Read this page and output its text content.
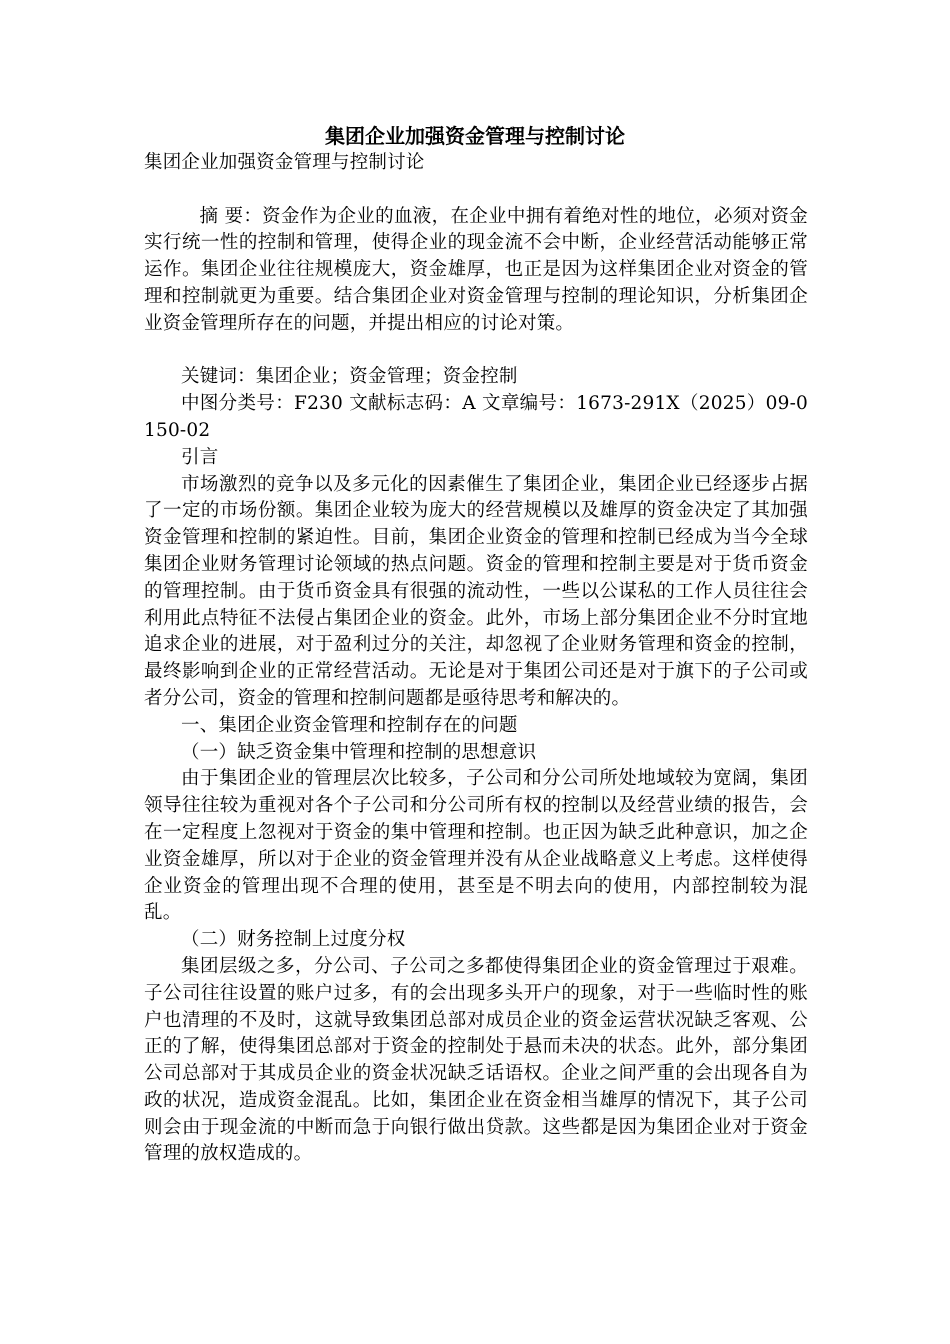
集团企业加强资金管理与控制讨论

集团企业加强资金管理与控制讨论

摘 要：资金作为企业的血液，在企业中拥有着绝对性的地位，必须对资金实行统一性的控制和管理，使得企业的现金流不会中断，企业经营活动能够正常运作。集团企业往往规模庞大，资金雄厚，也正是因为这样集团企业对资金的管理和控制就更为重要。结合集团企业对资金管理与控制的理论知识，分析集团企业资金管理所存在的问题，并提出相应的讨论对策。

关键词：集团企业；资金管理；资金控制

中图分类号：F230 文献标志码：A 文章编号：1673-291X（2025）09-0150-02

引言

市场激烈的竞争以及多元化的因素催生了集团企业，集团企业已经逐步占据了一定的市场份额。集团企业较为庞大的经营规模以及雄厚的资金决定了其加强资金管理和控制的紧迫性。目前，集团企业资金的管理和控制已经成为当今全球集团企业财务管理讨论领域的热点问题。资金的管理和控制主要是对于货币资金的管理控制。由于货币资金具有很强的流动性，一些以公谋私的工作人员往往会利用此点特征不法侵占集团企业的资金。此外，市场上部分集团企业不分时宜地追求企业的进展，对于盈利过分的关注，却忽视了企业财务管理和资金的控制，最终影响到企业的正常经营活动。无论是对于集团公司还是对于旗下的子公司或者分公司，资金的管理和控制问题都是亟待思考和解决的。

一、集团企业资金管理和控制存在的问题

（一）缺乏资金集中管理和控制的思想意识

由于集团企业的管理层次比较多，子公司和分公司所处地域较为宽阔，集团领导往往较为重视对各个子公司和分公司所有权的控制以及经营业绩的报告，会在一定程度上忽视对于资金的集中管理和控制。也正因为缺乏此种意识，加之企业资金雄厚，所以对于企业的资金管理并没有从企业战略意义上考虑。这样使得企业资金的管理出现不合理的使用，甚至是不明去向的使用，内部控制较为混乱。

（二）财务控制上过度分权

集团层级之多，分公司、子公司之多都使得集团企业的资金管理过于艰难。子公司往往设置的账户过多，有的会出现多头开户的现象，对于一些临时性的账户也清理的不及时，这就导致集团总部对成员企业的资金运营状况缺乏客观、公正的了解，使得集团总部对于资金的控制处于悬而未决的状态。此外，部分集团公司总部对于其成员企业的资金状况缺乏话语权。企业之间严重的会出现各自为政的状况，造成资金混乱。比如，集团企业在资金相当雄厚的情况下，其子公司则会由于现金流的中断而急于向银行做出贷款。这些都是因为集团企业对于资金管理的放权造成的。
